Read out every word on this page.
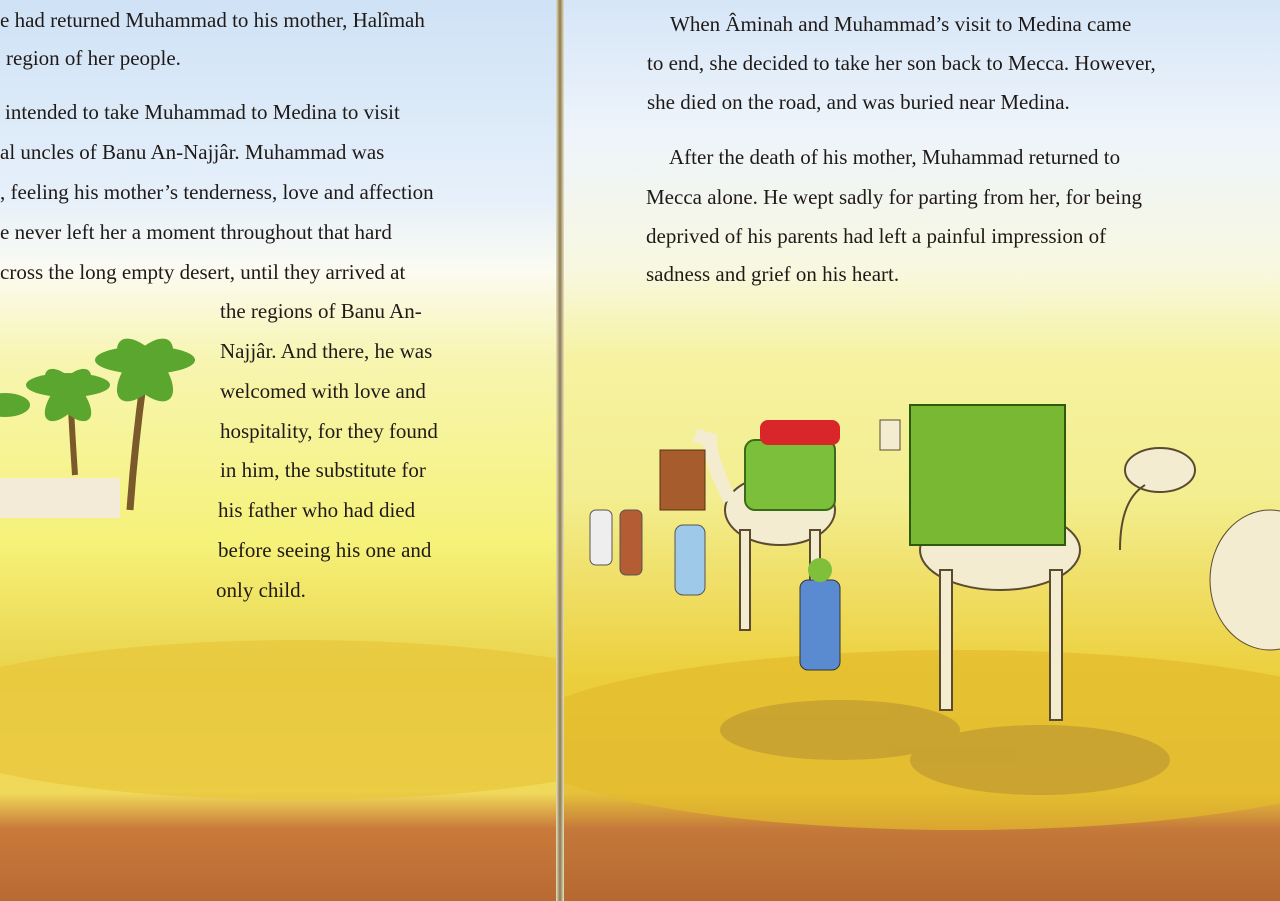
e had returned Muhammad to his mother, Halîmah
region of her people.
intended to take Muhammad to Medina to visit
al uncles of Banu An-Najjâr. Muhammad was
, feeling his mother’s tenderness, love and affection
e never left her a moment throughout that hard
cross the long empty desert, until they arrived at
the regions of Banu An-
Najjâr. And there, he was
welcomed with love and
hospitality, for they found
in him, the substitute for
his father who had died
before seeing his one and
only child.
When Âminah and Muhammad’s visit to Medina came
to end, she decided to take her son back to Mecca. However,
she died on the road, and was buried near Medina.
After the death of his mother, Muhammad returned to
Mecca alone. He wept sadly for parting from her, for being
deprived of his parents had left a painful impression of
sadness and grief on his heart.
